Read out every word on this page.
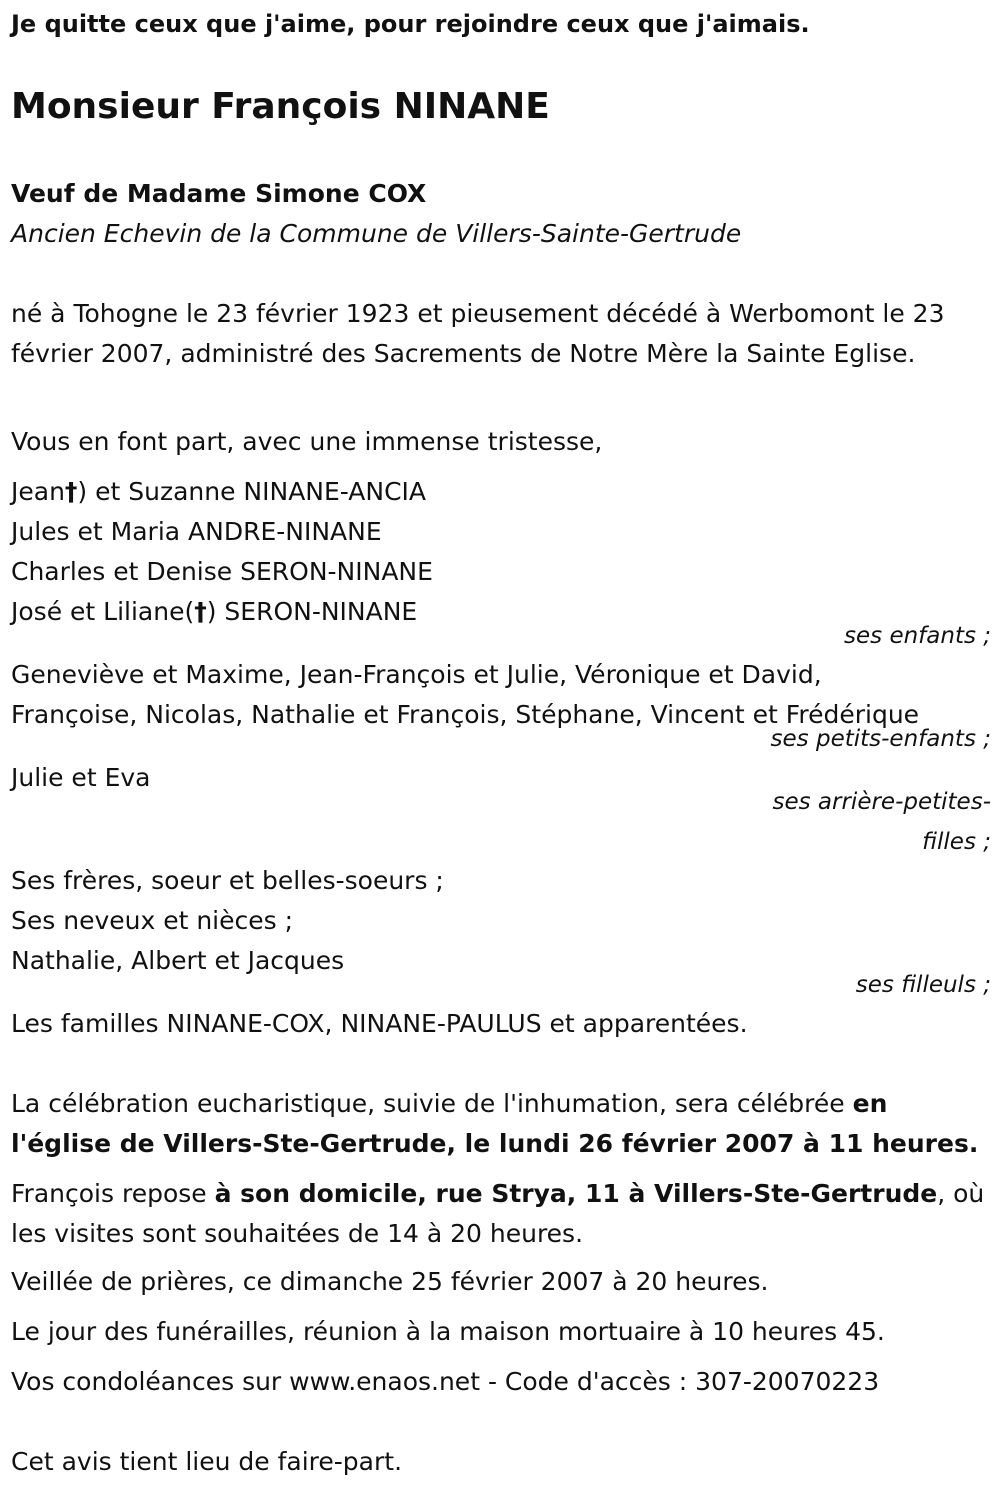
Je quitte ceux que j'aime, pour rejoindre ceux que j'aimais.
Monsieur François NINANE
Veuf de Madame Simone COX
Ancien Echevin de la Commune de Villers-Sainte-Gertrude
né à Tohogne le 23 février 1923 et pieusement décédé à Werbomont le 23 février 2007, administré des Sacrements de Notre Mère la Sainte Eglise.
Vous en font part, avec une immense tristesse,
Jean†) et Suzanne NINANE-ANCIA
Jules et Maria ANDRE-NINANE
Charles et Denise SERON-NINANE
José et Liliane(†) SERON-NINANE
ses enfants ;
Geneviève et Maxime, Jean-François et Julie, Véronique et David,
Françoise, Nicolas, Nathalie et François, Stéphane, Vincent et Frédérique
ses petits-enfants ;
Julie et Eva
ses arrière-petites-
filles ;
Ses frères, soeur et belles-soeurs ;
Ses neveux et nièces ;
Nathalie, Albert et Jacques
ses filleuls ;
Les familles NINANE-COX, NINANE-PAULUS et apparentées.
La célébration eucharistique, suivie de l'inhumation, sera célébrée en l'église de Villers-Ste-Gertrude, le lundi 26 février 2007 à 11 heures.
François repose à son domicile, rue Strya, 11 à Villers-Ste-Gertrude, où les visites sont souhaitées de 14 à 20 heures.
Veillée de prières, ce dimanche 25 février 2007 à 20 heures.
Le jour des funérailles, réunion à la maison mortuaire à 10 heures 45.
Vos condoléances sur www.enaos.net - Code d'accès : 307-20070223
Cet avis tient lieu de faire-part.
